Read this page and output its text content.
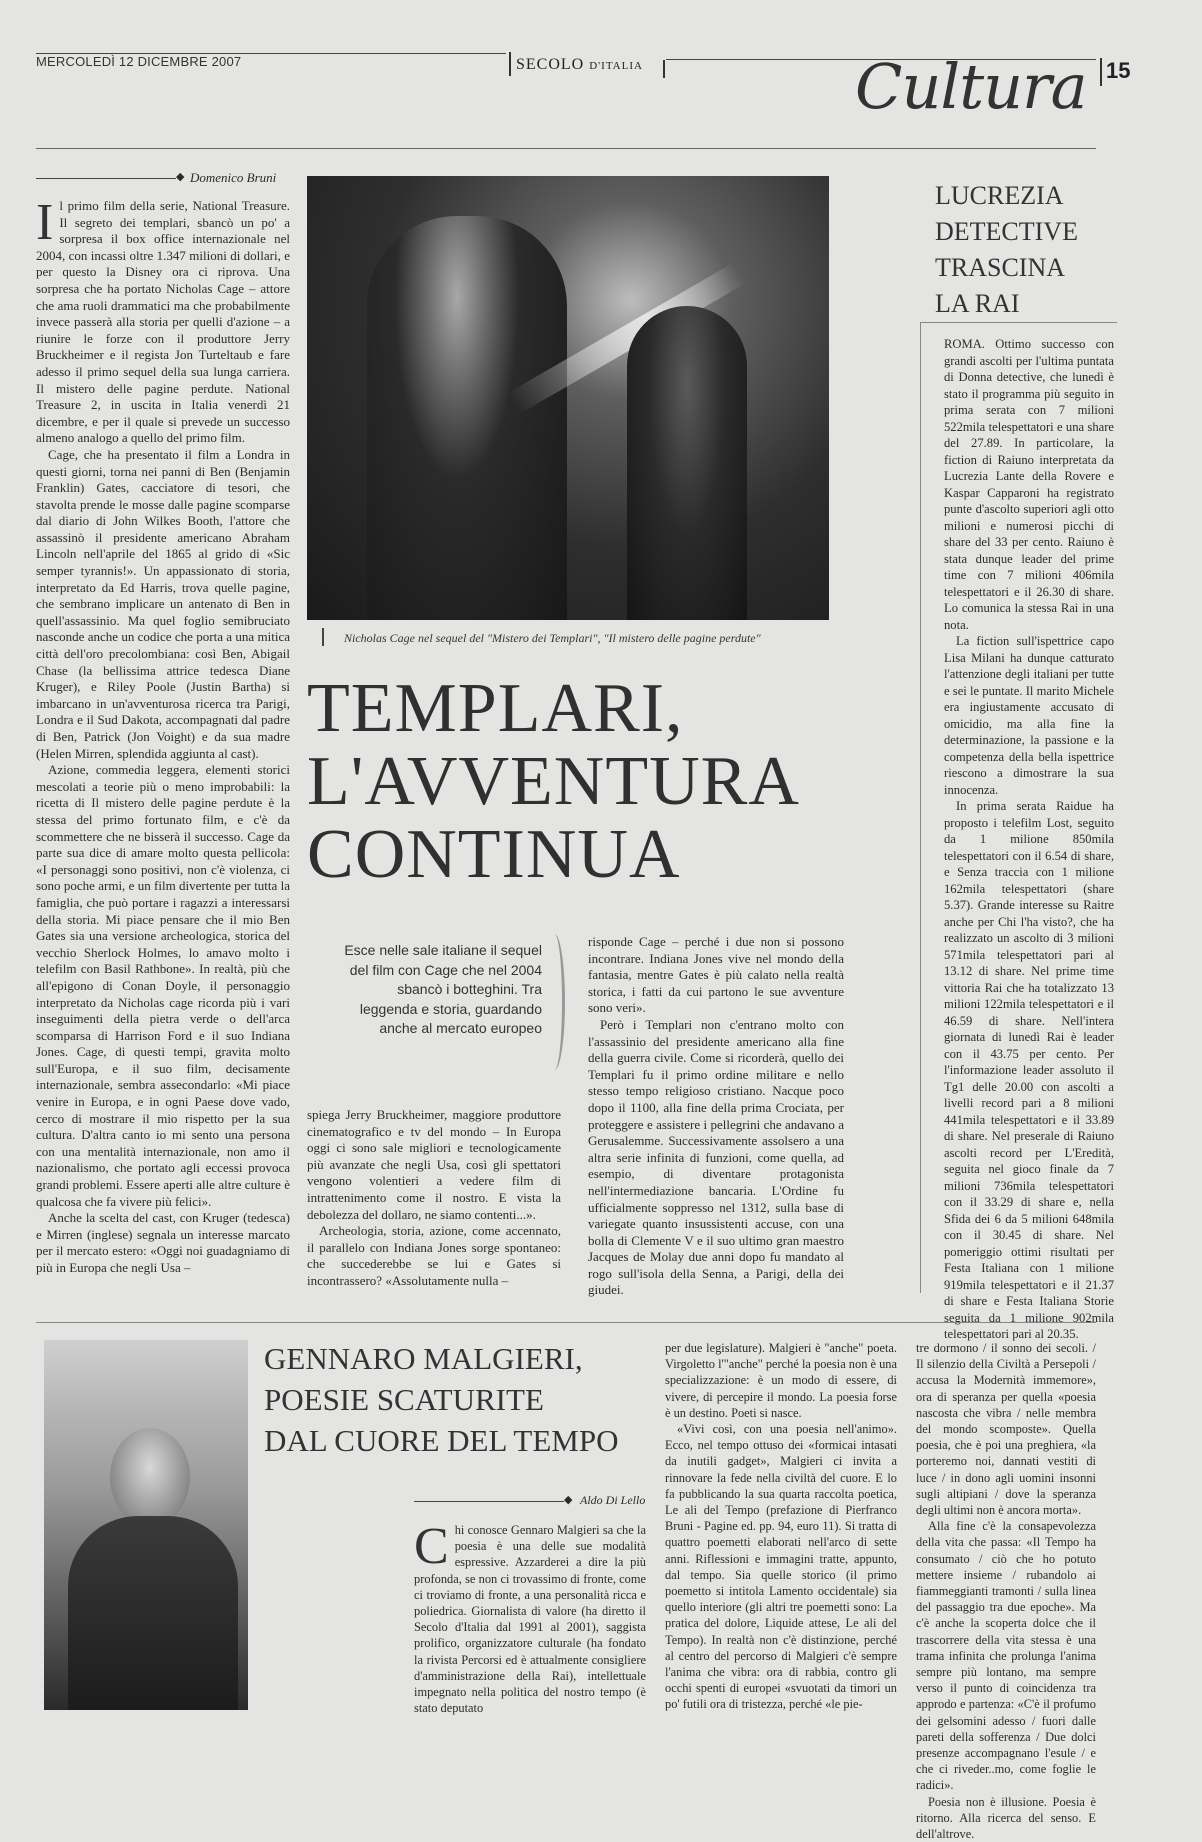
MERCOLEDÌ 12 DICEMBRE 2007	SECOLO D'ITALIA	Cultura 15
◆ Domenico Bruni
Nicholas Cage nel sequel del "Mistero dei Templari", "Il mistero delle pagine perdute"
TEMPLARI,
L'AVVENTURA
CONTINUA
Esce nelle sale italiane il sequel del film con Cage che nel 2004 sbancò i botteghini. Tra leggenda e storia, guardando anche al mercato europeo
I l primo film della serie, National Treasure. Il segreto dei templari, sbancò un po' a sorpresa il box office internazionale nel 2004, con incassi oltre 1.347 milioni di dollari, e per questo la Disney ora ci riprova. Una sorpresa che ha portato Nicholas Cage – attore che ama ruoli drammatici ma che probabilmente invece passerà alla storia per quelli d'azione – a riunire le forze con il produttore Jerry Bruckheimer e il regista Jon Turteltaub e fare adesso il primo sequel della sua lunga carriera. Il mistero delle pagine perdute. National Treasure 2, in uscita in Italia venerdì 21 dicembre, e per il quale si prevede un successo almeno analogo a quello del primo film.

Cage, che ha presentato il film a Londra in questi giorni, torna nei panni di Ben (Benjamin Franklin) Gates, cacciatore di tesori, che stavolta prende le mosse dalle pagine scomparse dal diario di John Wilkes Booth, l'attore che assassinò il presidente americano Abraham Lincoln nell'aprile del 1865 al grido di «Sic semper tyrannis!». Un appassionato di storia, interpretato da Ed Harris, trova quelle pagine, che sembrano implicare un antenato di Ben in quell'assassinio. Ma quel foglio semibruciato nasconde anche un codice che porta a una mitica città dell'oro precolombiana: così Ben, Abigail Chase (la bellissima attrice tedesca Diane Kruger), e Riley Poole (Justin Bartha) si imbarcano in un'avventurosa ricerca tra Parigi, Londra e il Sud Dakota, accompagnati dal padre di Ben, Patrick (Jon Voight) e da sua madre (Helen Mirren, splendida aggiunta al cast).

Azione, commedia leggera, elementi storici mescolati a teorie più o meno improbabili: la ricetta di Il mistero delle pagine perdute è la stessa del primo fortunato film, e c'è da scommettere che ne bisserà il successo. Cage da parte sua dice di amare molto questa pellicola: «I personaggi sono positivi, non c'è violenza, ci sono poche armi, e un film divertente per tutta la famiglia, che può portare i ragazzi a interessarsi della storia. Mi piace pensare che il mio Ben Gates sia una versione archeologica, storica del vecchio Sherlock Holmes, lo amavo molto i telefilm con Basil Rathbone». In realtà, più che all'epigono di Conan Doyle, il personaggio interpretato da Nicholas cage ricorda più i vari inseguimenti della pietra verde o dell'arca scomparsa di Harrison Ford e il suo Indiana Jones. Cage, di questi tempi, gravita molto sull'Europa, e il suo film, decisamente internazionale, sembra assecondarlo: «Mi piace venire in Europa, e in ogni Paese dove vado, cerco di mostrare il mio rispetto per la sua cultura. D'altra canto io mi sento una persona con una mentalità internazionale, non amo il nazionalismo, che portato agli eccessi provoca grandi problemi. Essere aperti alle altre culture è qualcosa che fa vivere più felici».

Anche la scelta del cast, con Kruger (tedesca) e Mirren (inglese) segnala un interesse marcato per il mercato estero: «Oggi noi guadagniamo di più in Europa che negli Usa –

spiega Jerry Bruckheimer, maggiore produttore cinematografico e tv del mondo – In Europa oggi ci sono sale migliori e tecnologicamente più avanzate che negli Usa, così gli spettatori vengono volentieri a vedere film di intrattenimento come il nostro. E vista la debolezza del dollaro, ne siamo contenti...».

Archeologia, storia, azione, come accennato, il parallelo con Indiana Jones sorge spontaneo: che succederebbe se lui e Gates si incontrassero? «Assolutamente nulla –

risponde Cage – perché i due non si possono incontrare. Indiana Jones vive nel mondo della fantasia, mentre Gates è più calato nella realtà storica, i fatti da cui partono le sue avventure sono veri».

Però i Templari non c'entrano molto con l'assassinio del presidente americano alla fine della guerra civile. Come si ricorderà, quello dei Templari fu il primo ordine militare e nello stesso tempo religioso cristiano. Nacque poco dopo il 1100, alla fine della prima Crociata, per proteggere e assistere i pellegrini che andavano a Gerusalemme. Successivamente assolsero a una altra serie infinita di funzioni, come quella, ad esempio, di diventare protagonista nell'intermediazione bancaria. L'Ordine fu ufficialmente soppresso nel 1312, sulla base di variegate quanto insussistenti accuse, con una bolla di Clemente V e il suo ultimo gran maestro Jacques de Molay due anni dopo fu mandato al rogo sull'isola della Senna, a Parigi, della dei giudei.

LUCREZIA
DETECTIVE
TRASCINA
LA RAI

ROMA. Ottimo successo con grandi ascolti per l'ultima puntata di Donna detective, che lunedì è stato il programma più seguito in prima serata con 7 milioni 522mila telespettatori e una share del 27.89. In particolare, la fiction di Raiuno interpretata da Lucrezia Lante della Rovere e Kaspar Capparoni ha registrato punte d'ascolto superiori agli otto milioni e numerosi picchi di share del 33 per cento. Raiuno è stata dunque leader del prime time con 7 milioni 406mila telespettatori e il 26.30 di share. Lo comunica la stessa Rai in una nota.

La fiction sull'ispettrice capo Lisa Milani ha dunque catturato l'attenzione degli italiani per tutte e sei le puntate. Il marito Michele era ingiustamente accusato di omicidio, ma alla fine la determinazione, la passione e la competenza della bella ispettrice riescono a dimostrare la sua innocenza.

In prima serata Raidue ha proposto i telefilm Lost, seguito da 1 milione 850mila telespettatori con il 6.54 di share, e Senza traccia con 1 milione 162mila telespettatori (share 5.37). Grande interesse su Raitre anche per Chi l'ha visto?, che ha realizzato un ascolto di 3 milioni 571mila telespettatori pari al 13.12 di share. Nel prime time vittoria Rai che ha totalizzato 13 milioni 122mila telespettatori e il 46.59 di share. Nell'intera giornata di lunedì Rai è leader con il 43.75 per cento. Per l'informazione leader assoluto il Tg1 delle 20.00 con ascolti a livelli record pari a 8 milioni 441mila telespettatori e il 33.89 di share. Nel preserale di Raiuno ascolti record per L'Eredità, seguita nel gioco finale da 7 milioni 736mila telespettatori con il 33.29 di share e, nella Sfida dei 6 da 5 milioni 648mila con il 30.45 di share. Nel pomeriggio ottimi risultati per Festa Italiana con 1 milione 919mila telespettatori e il 21.37 di share e Festa Italiana Storie seguita da 1 milione 902mila telespettatori pari al 20.35.

GENNARO MALGIERI,
POESIE SCATURITE
DAL CUORE DEL TEMPO
◆ Aldo Di Lello
C hi conosce Gennaro Malgieri sa che la poesia è una delle sue modalità espressive. Azzarderei a dire la più profonda, se non ci trovassimo di fronte, come ci troviamo di fronte, a una personalità ricca e poliedrica. Giornalista di valore (ha diretto il Secolo d'Italia dal 1991 al 2001), saggista prolifico, organizzatore culturale (ha fondato la rivista Percorsi ed è attualmente consigliere d'amministrazione della Rai), intellettuale impegnato nella politica del nostro tempo (è stato deputato

per due legislature). Malgieri è "anche" poeta. Virgoletto l'"anche" perché la poesia non è una specializzazione: è un modo di essere, di vivere, di percepire il mondo. La poesia forse è un destino. Poeti si nasce.

«Vivi così, con una poesia nell'animo». Ecco, nel tempo ottuso dei «formicai intasati da inutili gadget», Malgieri ci invita a rinnovare la fede nella civiltà del cuore. E lo fa pubblicando la sua quarta raccolta poetica, Le ali del Tempo (prefazione di Pierfranco Bruni - Pagine ed. pp. 94, euro 11). Si tratta di quattro poemetti elaborati nell'arco di sette anni. Riflessioni e immagini tratte, appunto, dal tempo. Sia quelle storico (il primo poemetto si intitola Lamento occidentale) sia quello interiore (gli altri tre poemetti sono: La pratica del dolore, Liquide attese, Le ali del Tempo). In realtà non c'è distinzione, perché al centro del percorso di Malgieri c'è sempre l'anima che vibra: ora di rabbia, contro gli occhi spenti di europei «svuotati da timori un po' futili ora di tristezza, perché «le pie-

tre dormono / il sonno dei secoli. / Il silenzio della Civiltà a Persepoli / accusa la Modernità immemore», ora di speranza per quella «poesia nascosta che vibra / nelle membra del mondo scomposte». Quella poesia, che è poi una preghiera, «la porteremo noi, dannati vestiti di luce / in dono agli uomini insonni sugli altipiani / dove la speranza degli ultimi non è ancora morta».

Alla fine c'è la consapevolezza della vita che passa: «Il Tempo ha consumato / ciò che ho potuto mettere insieme / rubandolo ai fiammeggianti tramonti / sulla linea del passaggio tra due epoche». Ma c'è anche la scoperta dolce che il trascorrere della vita stessa è una trama infinita che prolunga l'anima sempre più lontano, ma sempre verso il punto di coincidenza tra approdo e partenza: «C'è il profumo dei gelsomini adesso / fuori dalle pareti della sofferenza / Due dolci presenze accompagnano l'esule / e che ci riveder..mo, come foglie le radici».

Poesia non è illusione. Poesia è ritorno. Alla ricerca del senso. E dell'altrove.
